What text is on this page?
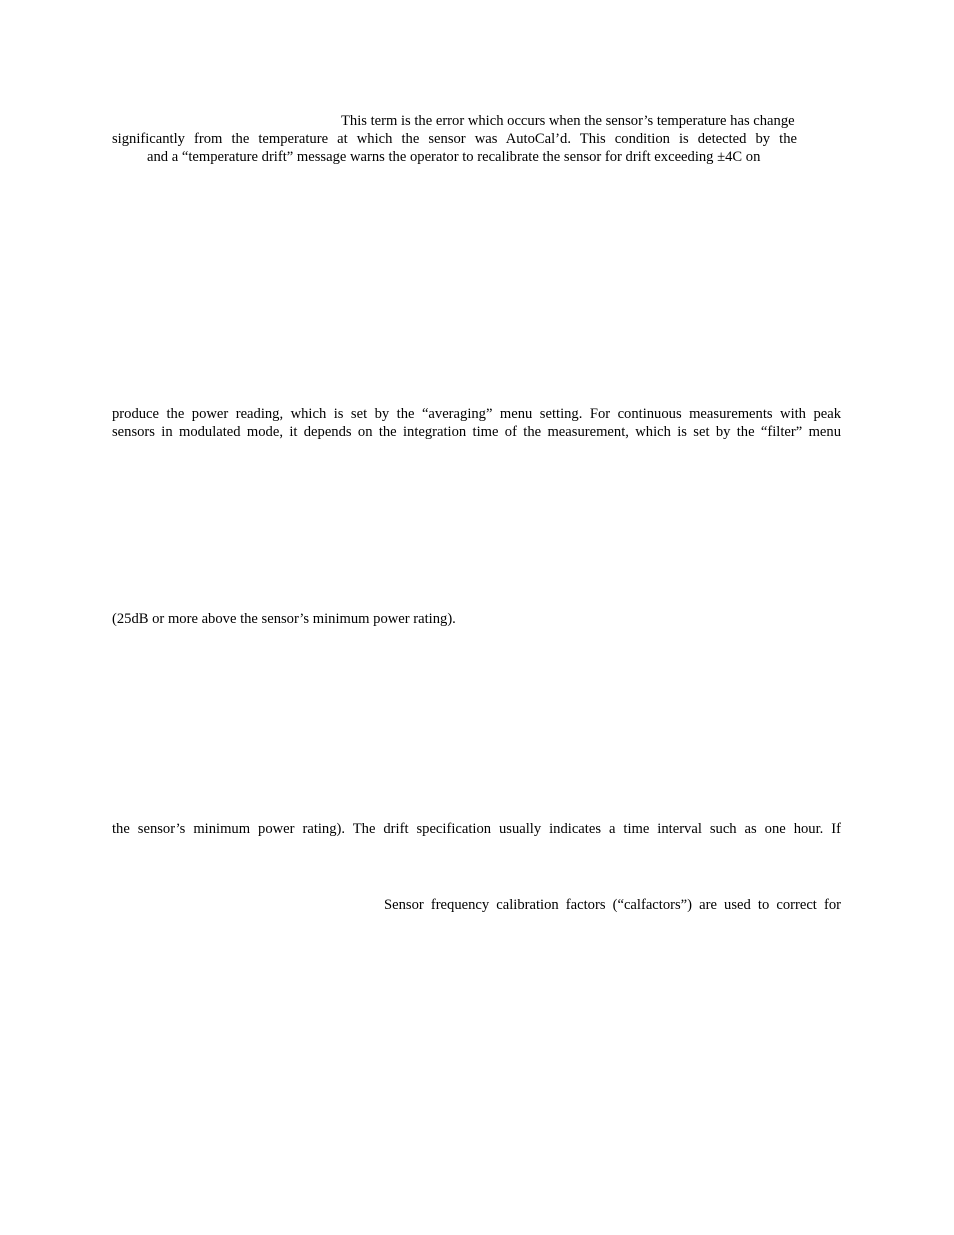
This term is the error which occurs when the sensor’s temperature has change
significantly from the temperature at which the sensor was AutoCal’d. This condition is detected by the
and a “temperature drift” message warns the operator to recalibrate the sensor for drift exceeding ±4C on
produce the power reading, which is set by the “averaging” menu setting. For continuous measurements with peak
sensors in modulated mode, it depends on the integration time of the measurement, which is set by the “filter” menu
(25dB or more above the sensor’s minimum power rating).
the sensor’s minimum power rating). The drift specification usually indicates a time interval such as one hour. If
Sensor frequency calibration factors (“calfactors”) are used to correct for
